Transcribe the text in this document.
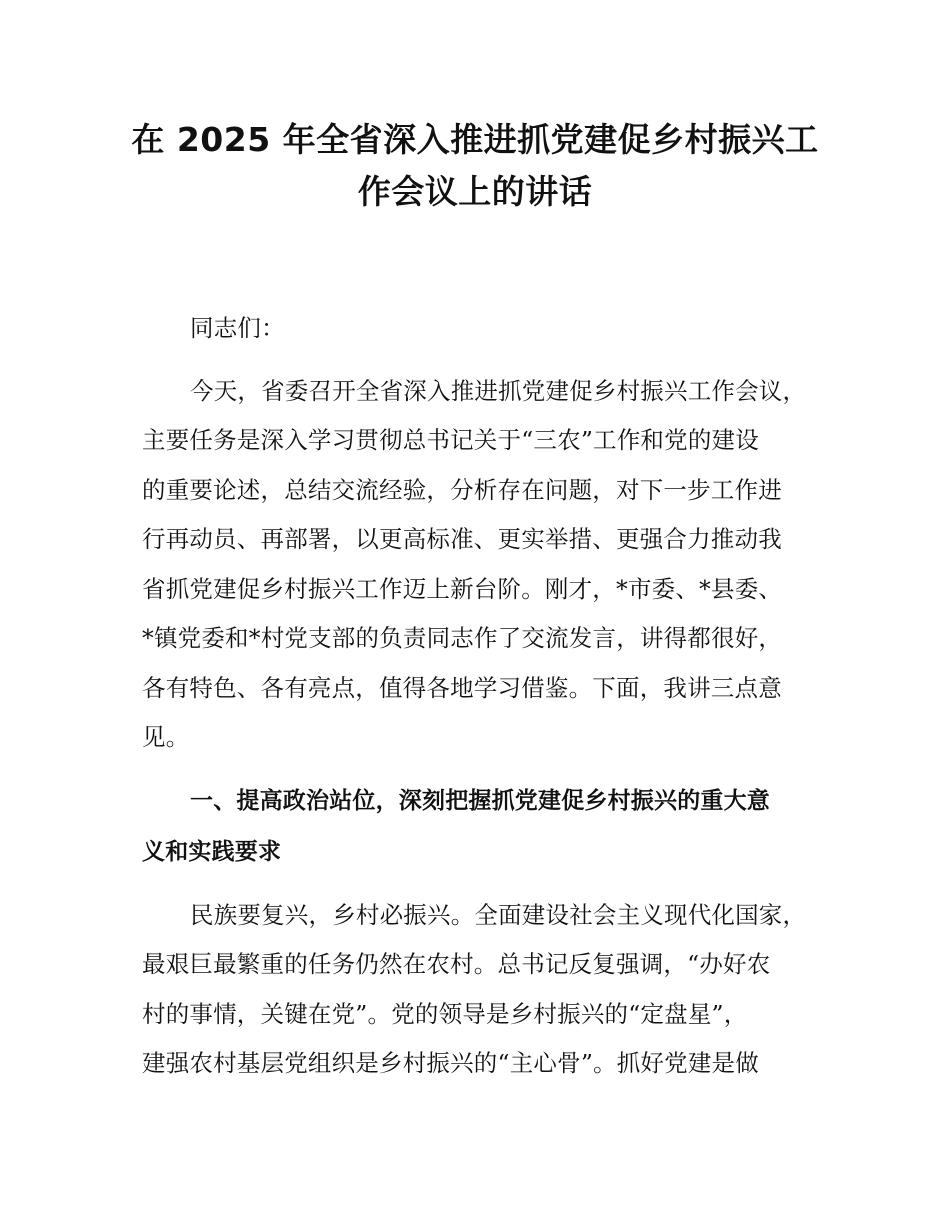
在 2025 年全省深入推进抓党建促乡村振兴工
作会议上的讲话

同志们：

今天，省委召开全省深入推进抓党建促乡村振兴工作会议，
主要任务是深入学习贯彻总书记关于“三农”工作和党的建设
的重要论述，总结交流经验，分析存在问题，对下一步工作进
行再动员、再部署，以更高标准、更实举措、更强合力推动我
省抓党建促乡村振兴工作迈上新台阶。刚才，*市委、*县委、
*镇党委和*村党支部的负责同志作了交流发言，讲得都很好，
各有特色、各有亮点，值得各地学习借鉴。下面，我讲三点意
见。

一、提高政治站位，深刻把握抓党建促乡村振兴的重大意
义和实践要求

民族要复兴，乡村必振兴。全面建设社会主义现代化国家，
最艰巨最繁重的任务仍然在农村。总书记反复强调，“办好农
村的事情，关键在党”。党的领导是乡村振兴的“定盘星”，
建强农村基层党组织是乡村振兴的“主心骨”。抓好党建是做
